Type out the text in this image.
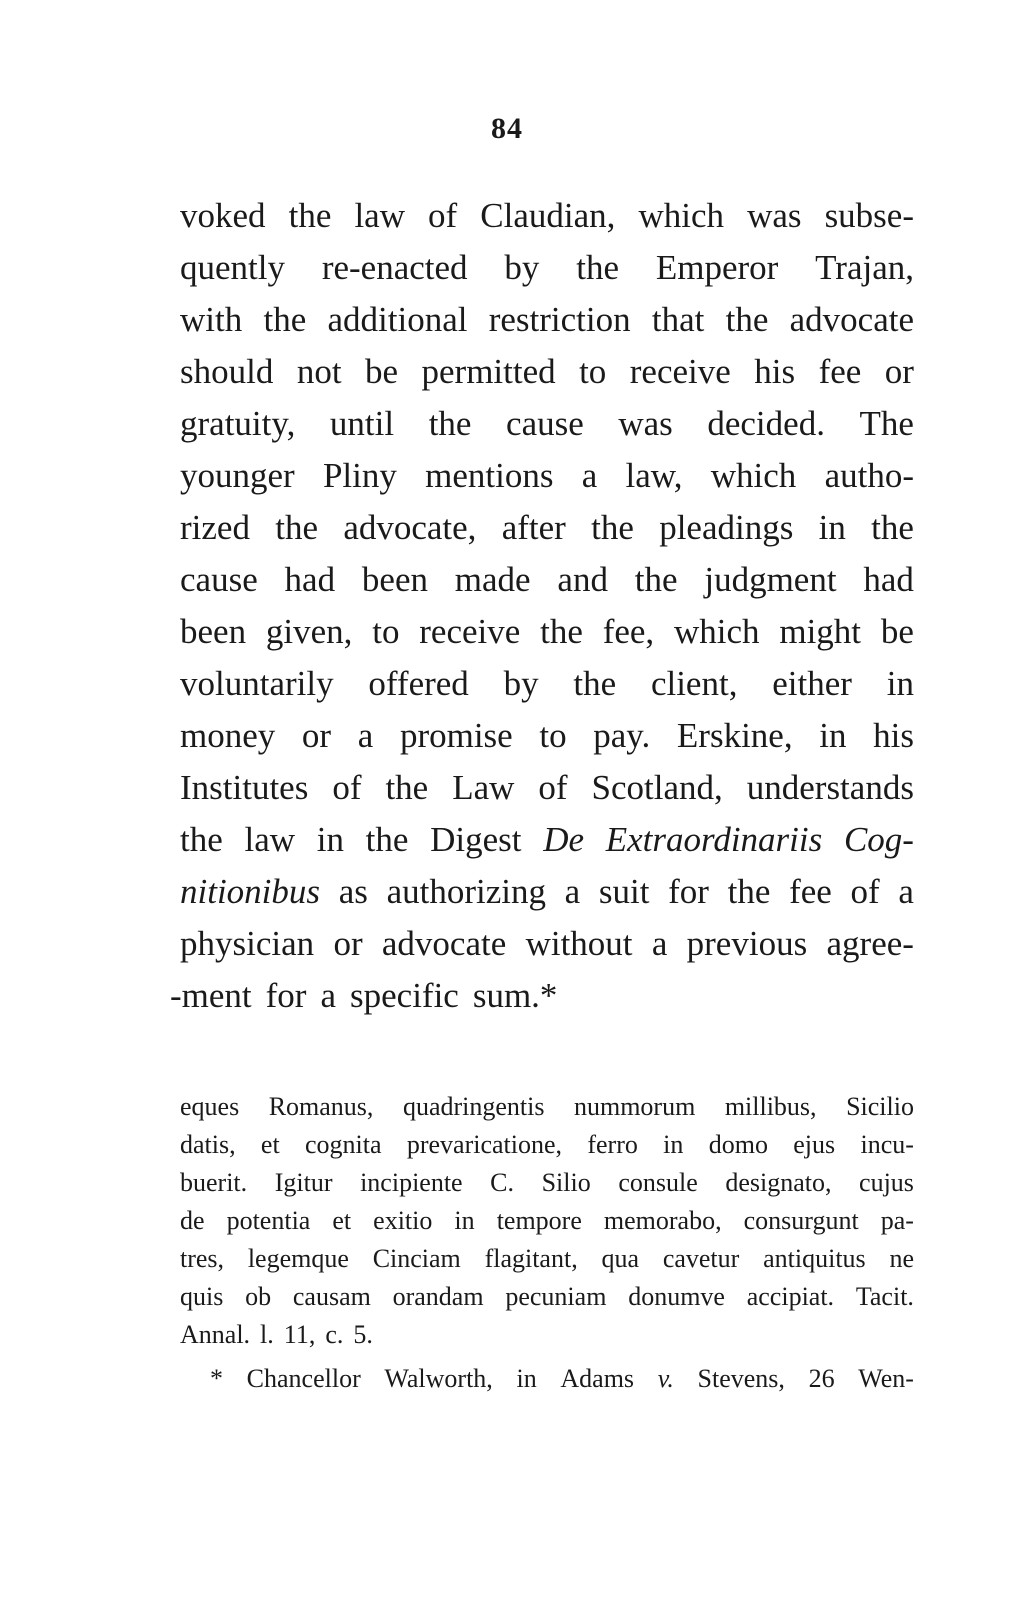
84
voked the law of Claudian, which was subse-
quently re-enacted by the Emperor Trajan,
with the additional restriction that the advocate
should not be permitted to receive his fee or
gratuity, until the cause was decided. The
younger Pliny mentions a law, which autho-
rized the advocate, after the pleadings in the
cause had been made and the judgment had
been given, to receive the fee, which might be
voluntarily offered by the client, either in
money or a promise to pay. Erskine, in his
Institutes of the Law of Scotland, understands
the law in the Digest De Extraordinariis Cog-
nitionibus as authorizing a suit for the fee of a
physician or advocate without a previous agree-
-ment for a specific sum.*
eques Romanus, quadringentis nummorum millibus, Sicilio
datis, et cognita prevaricatione, ferro in domo ejus incu-
buerit. Igitur incipiente C. Silio consule designato, cujus
de potentia et exitio in tempore memorabo, consurgunt pa-
tres, legemque Cinciam flagitant, qua cavetur antiquitus ne
quis ob causam orandam pecuniam donumve accipiat. Tacit.
Annal. l. 11, c. 5.
* Chancellor Walworth, in Adams v. Stevens, 26 Wen-
